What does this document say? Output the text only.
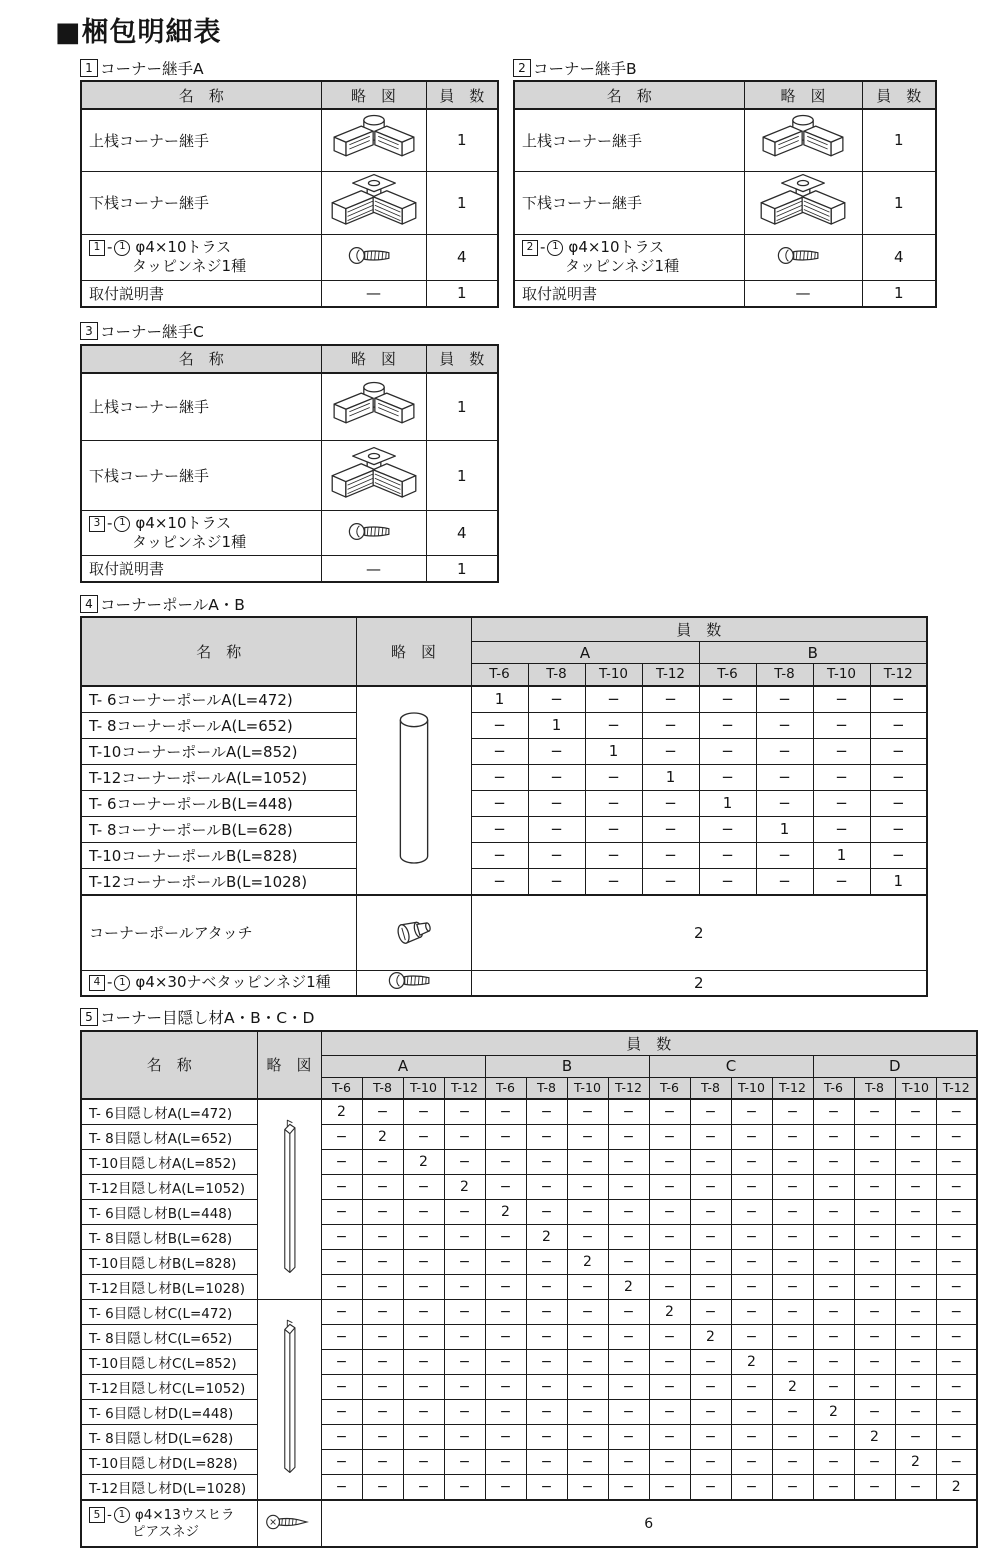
■梱包明細表
1 コーナー継手A
名　称	略　図	員　数
上桟コーナー継手		1
下桟コーナー継手		1

1 - 1 φ4×10トラス
タッピンネジ1種		4
取付説明書	—	1
2 コーナー継手B
名　称	略　図	員　数
上桟コーナー継手		1
下桟コーナー継手		1

2 - 1 φ4×10トラス
タッピンネジ1種		4
取付説明書	—	1
3 コーナー継手C
名　称	略　図	員　数
上桟コーナー継手		1
下桟コーナー継手		1

3 - 1 φ4×10トラス
タッピンネジ1種		4
取付説明書	—	1
4 コーナーポールA・B
名　称	略　図	員　数							
		A				B			
		T-6	T-8	T-10	T-12	T-6	T-8	T-10	T-12
T- 6コーナーポールA(L=472)		1	−	−	−	−	−	−	−
T- 8コーナーポールA(L=652)		−	1	−	−	−	−	−	−
T-10コーナーポールA(L=852)		−	−	1	−	−	−	−	−
T-12コーナーポールA(L=1052)		−	−	−	1	−	−	−	−
T- 6コーナーポールB(L=448)		−	−	−	−	1	−	−	−
T- 8コーナーポールB(L=628)		−	−	−	−	−	1	−	−
T-10コーナーポールB(L=828)		−	−	−	−	−	−	1	−
T-12コーナーポールB(L=1028)		−	−	−	−	−	−	−	1
コーナーポールアタッチ		2							

4 - 1 φ4×30ナベタッピンネジ1種		2							
5 コーナー目隠し材A・B・C・D
名　称	略　図	員　数															
		A				B				C				D			
		T-6	T-8	T-10	T-12	T-6	T-8	T-10	T-12	T-6	T-8	T-10	T-12	T-6	T-8	T-10	T-12
T- 6目隠し材A(L=472)		2	−	−	−	−	−	−	−	−	−	−	−	−	−	−	−
T- 8目隠し材A(L=652)		−	2	−	−	−	−	−	−	−	−	−	−	−	−	−	−
T-10目隠し材A(L=852)		−	−	2	−	−	−	−	−	−	−	−	−	−	−	−	−
T-12目隠し材A(L=1052)		−	−	−	2	−	−	−	−	−	−	−	−	−	−	−	−
T- 6目隠し材B(L=448)		−	−	−	−	2	−	−	−	−	−	−	−	−	−	−	−
T- 8目隠し材B(L=628)		−	−	−	−	−	2	−	−	−	−	−	−	−	−	−	−
T-10目隠し材B(L=828)		−	−	−	−	−	−	2	−	−	−	−	−	−	−	−	−
T-12目隠し材B(L=1028)		−	−	−	−	−	−	−	2	−	−	−	−	−	−	−	−
T- 6目隠し材C(L=472)		−	−	−	−	−	−	−	−	2	−	−	−	−	−	−	−
T- 8目隠し材C(L=652)		−	−	−	−	−	−	−	−	−	2	−	−	−	−	−	−
T-10目隠し材C(L=852)		−	−	−	−	−	−	−	−	−	−	2	−	−	−	−	−
T-12目隠し材C(L=1052)		−	−	−	−	−	−	−	−	−	−	−	2	−	−	−	−
T- 6目隠し材D(L=448)		−	−	−	−	−	−	−	−	−	−	−	−	2	−	−	−
T- 8目隠し材D(L=628)		−	−	−	−	−	−	−	−	−	−	−	−	−	2	−	−
T-10目隠し材D(L=828)		−	−	−	−	−	−	−	−	−	−	−	−	−	−	2	−
T-12目隠し材D(L=1028)		−	−	−	−	−	−	−	−	−	−	−	−	−	−	−	2

5 - 1 φ4×13ウスヒラ
ピアスネジ		6															
